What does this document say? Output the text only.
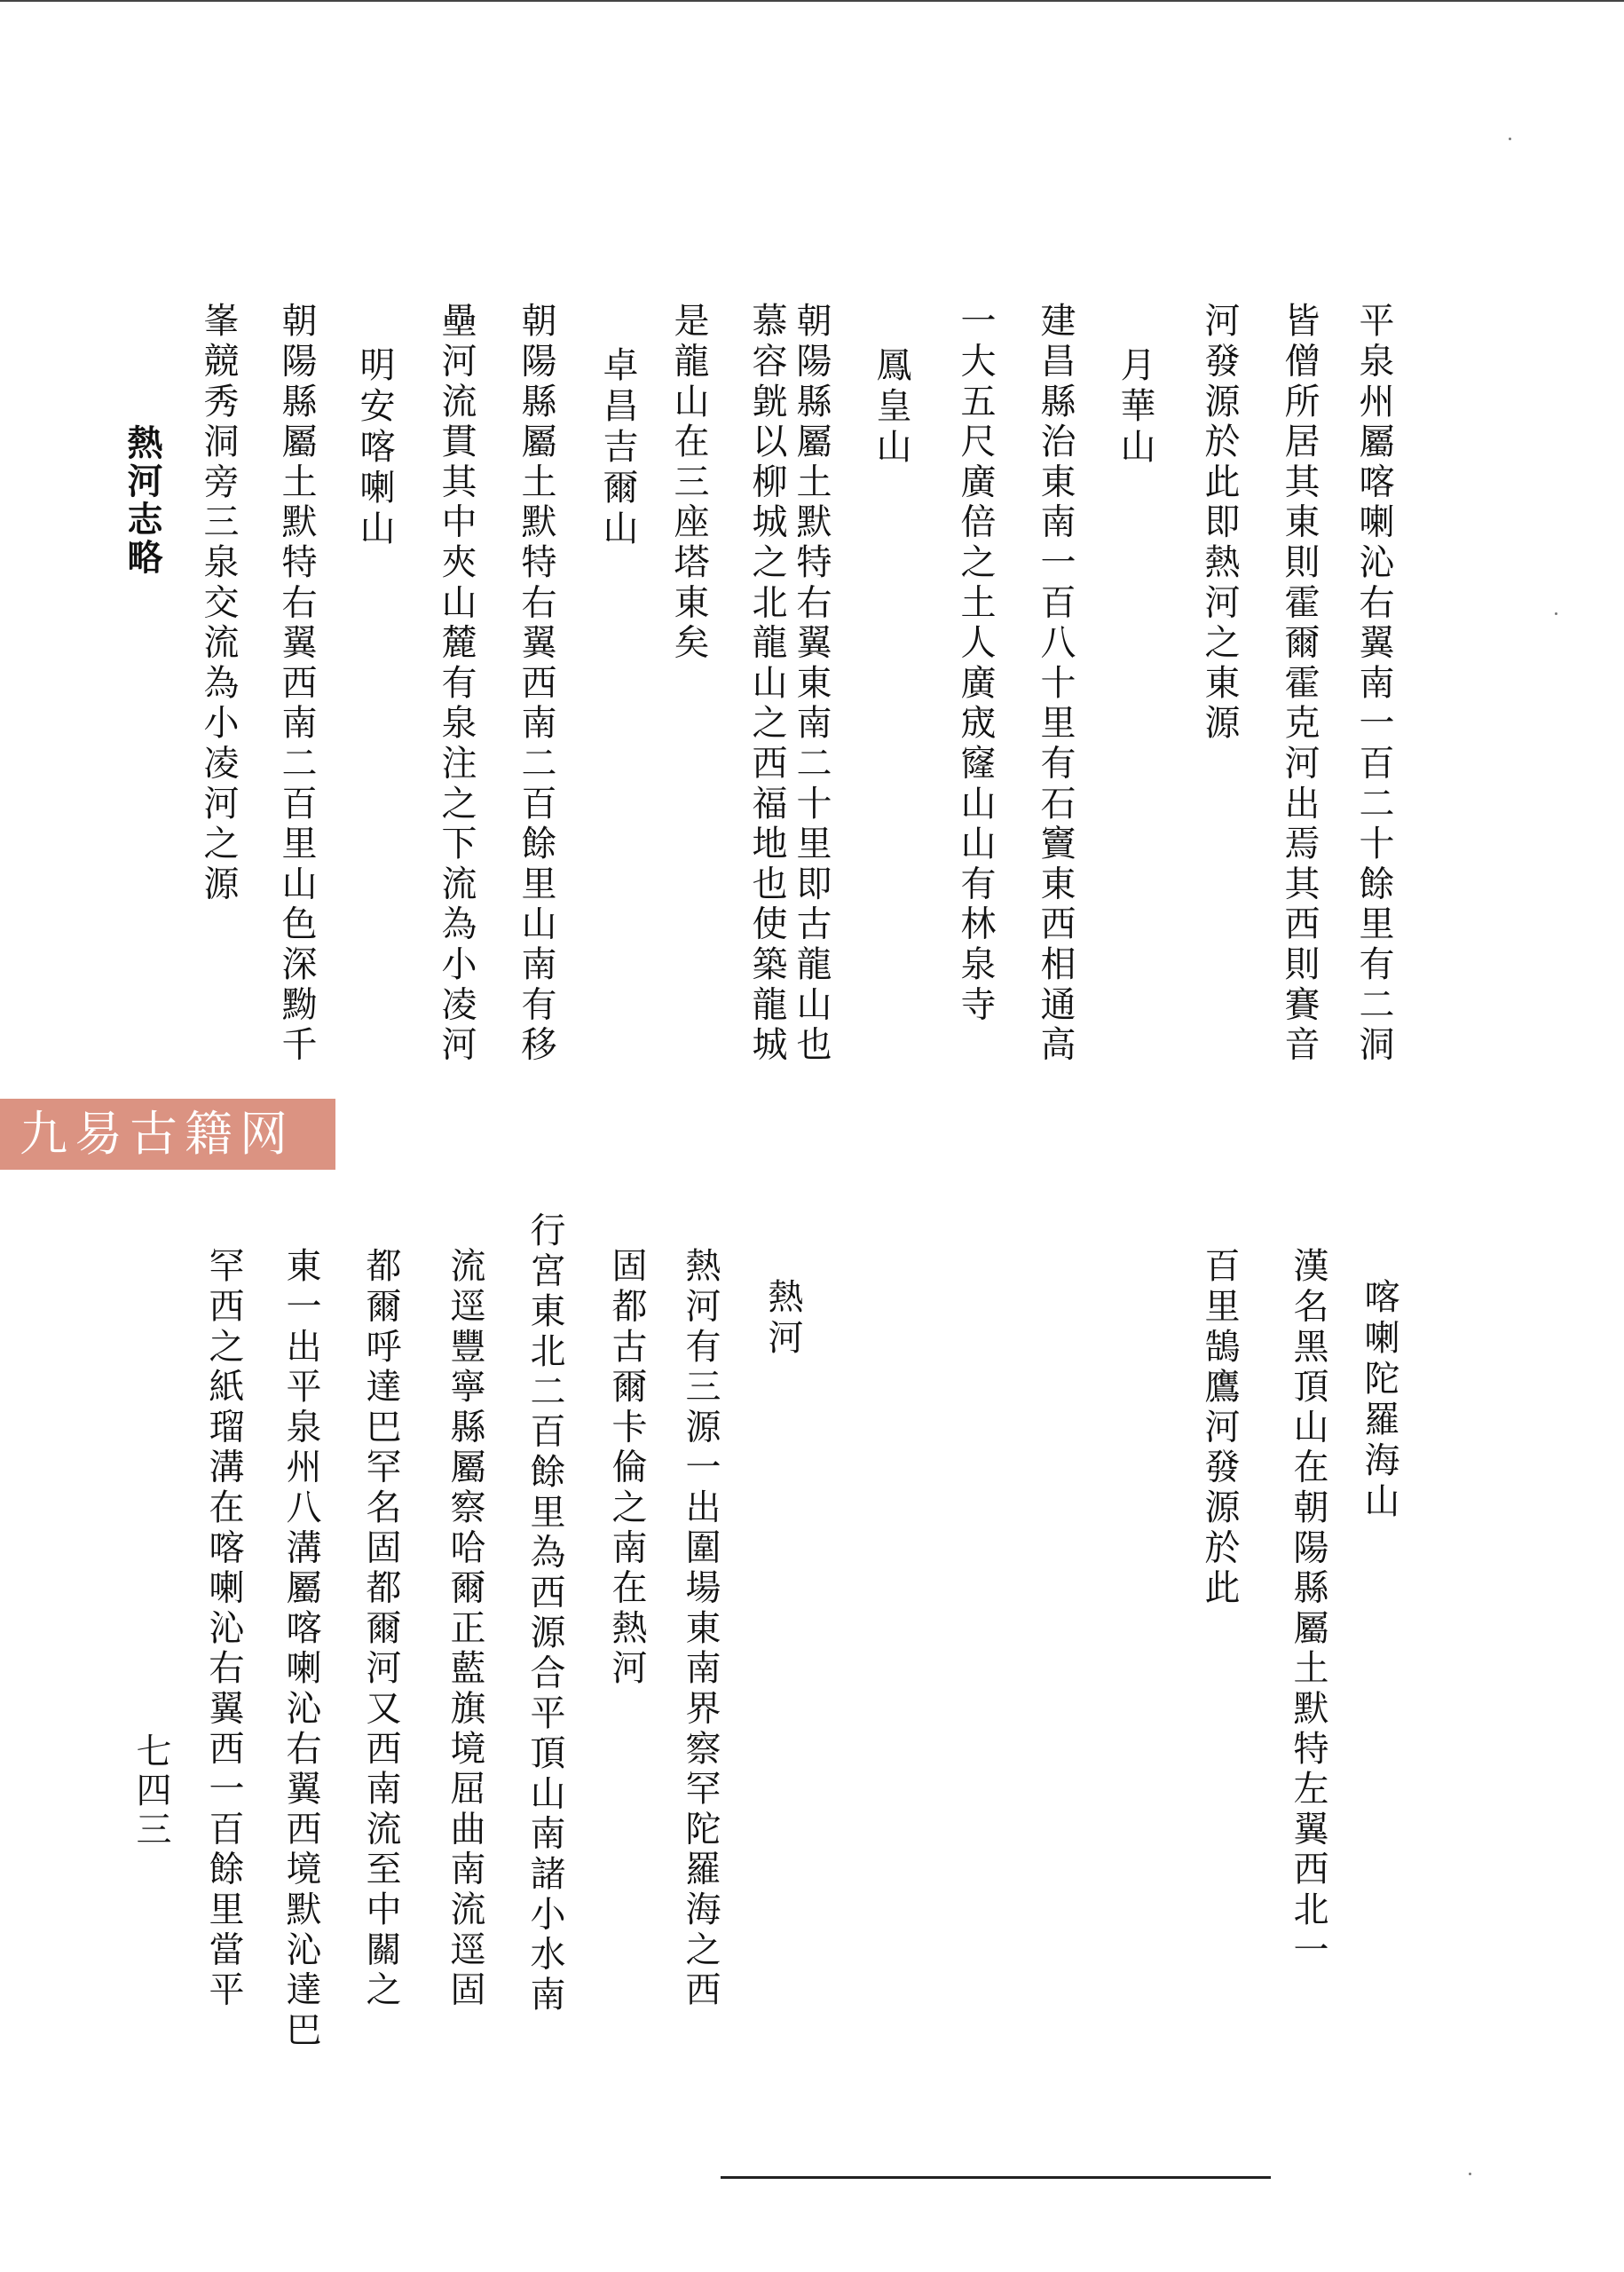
平泉州屬喀喇沁右翼南一百二十餘里有二洞
皆僧所居其東則霍爾霍克河出焉其西則賽音
河發源於此即熱河之東源
月華山
建昌縣治東南一百八十里有石竇東西相通高
一大五尺廣倍之土人廣宬窿山山有林泉寺
鳳皇山
朝陽縣屬土默特右翼東南二十里即古龍山也
慕容皝以柳城之北龍山之西福地也使築龍城
是龍山在三座塔東矣
卓昌吉爾山
朝陽縣屬土默特右翼西南二百餘里山南有移
壘河流貫其中夾山麓有泉注之下流為小凌河
明安喀喇山
朝陽縣屬土默特右翼西南二百里山色深黝千
峯競秀洞旁三泉交流為小凌河之源
熱河志略
九易古籍网
喀喇陀羅海山
漢名黑頂山在朝陽縣屬土默特左翼西北一
百里鵠鷹河發源於此
熱河
熱河有三源一出圍場東南界察罕陀羅海之西
固都古爾卡倫之南在熱河
行宮東北二百餘里為西源合平頂山南諸小水南
流逕豐寧縣屬察哈爾正藍旗境屈曲南流逕固
都爾呼達巴罕名固都爾河又西南流至中關之
東一出平泉州八溝屬喀喇沁右翼西境默沁達巴
罕西之紙瑠溝在喀喇沁右翼西一百餘里當平
七四三
